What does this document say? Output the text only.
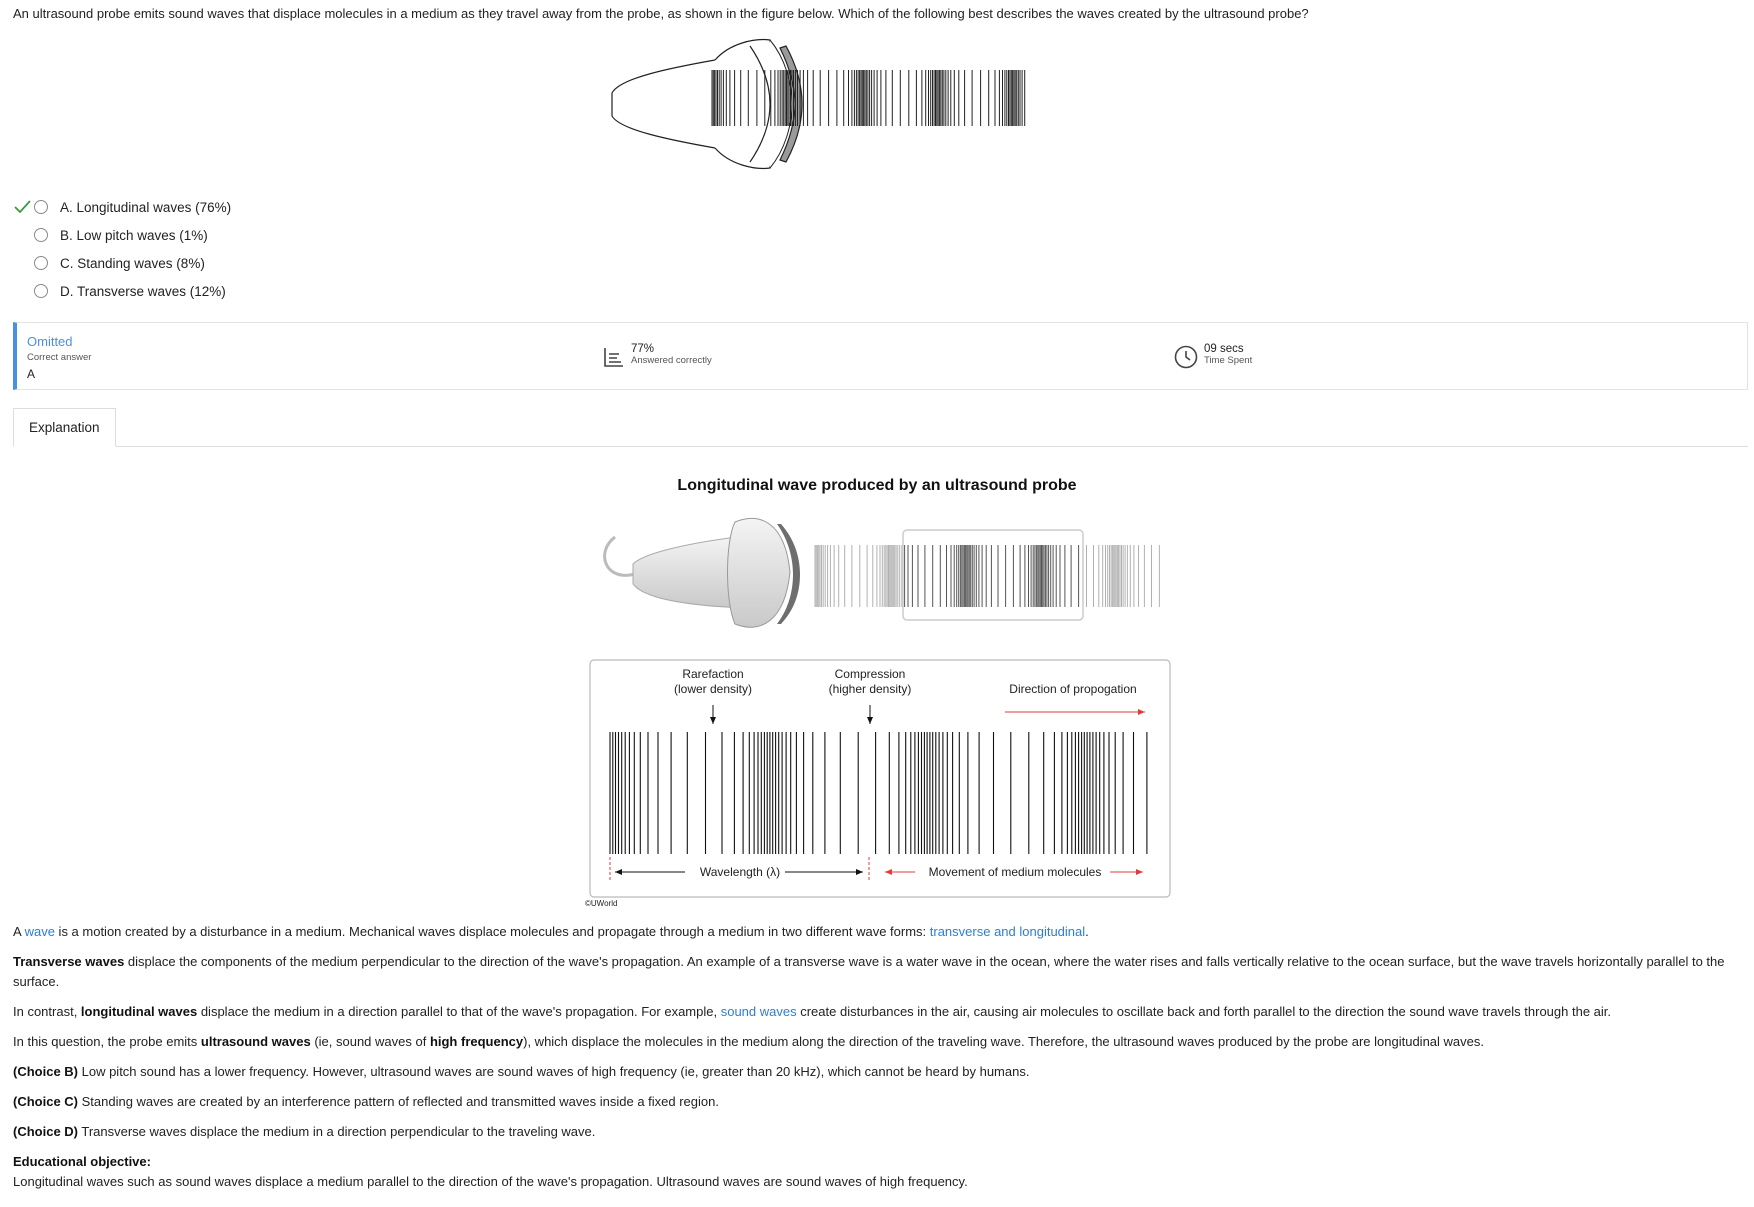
An ultrasound probe emits sound waves that displace molecules in a medium as they travel away from the probe, as shown in the figure below. Which of the following best describes the waves created by the ultrasound probe?
A. Longitudinal waves (76%)
B. Low pitch waves (1%)
C. Standing waves (8%)
D. Transverse waves (12%)
Omitted
Correct answer
A
77%
Answered correctly
09 secs
Time Spent
Explanation
Longitudinal wave produced by an ultrasound probe
Rarefaction
(lower density)
Compression
(higher density)	Direction of propogation
Wavelength (λ)	Movement of medium molecules
©UWorld

A wave is a motion created by a disturbance in a medium. Mechanical waves displace molecules and propagate through a medium in two different wave forms: transverse and longitudinal.

Transverse waves displace the components of the medium perpendicular to the direction of the wave's propagation. An example of a transverse wave is a water wave in the ocean, where the water rises and falls vertically relative to the ocean surface, but the wave travels horizontally parallel to the surface.

In contrast, longitudinal waves displace the medium in a direction parallel to that of the wave's propagation. For example, sound waves create disturbances in the air, causing air molecules to oscillate back and forth parallel to the direction the sound wave travels through the air.

In this question, the probe emits ultrasound waves (ie, sound waves of high frequency), which displace the molecules in the medium along the direction of the traveling wave. Therefore, the ultrasound waves produced by the probe are longitudinal waves.

(Choice B) Low pitch sound has a lower frequency. However, ultrasound waves are sound waves of high frequency (ie, greater than 20 kHz), which cannot be heard by humans.

(Choice C) Standing waves are created by an interference pattern of reflected and transmitted waves inside a fixed region.

(Choice D) Transverse waves displace the medium in a direction perpendicular to the traveling wave.

Educational objective:

Longitudinal waves such as sound waves displace a medium parallel to the direction of the wave's propagation. Ultrasound waves are sound waves of high frequency.
